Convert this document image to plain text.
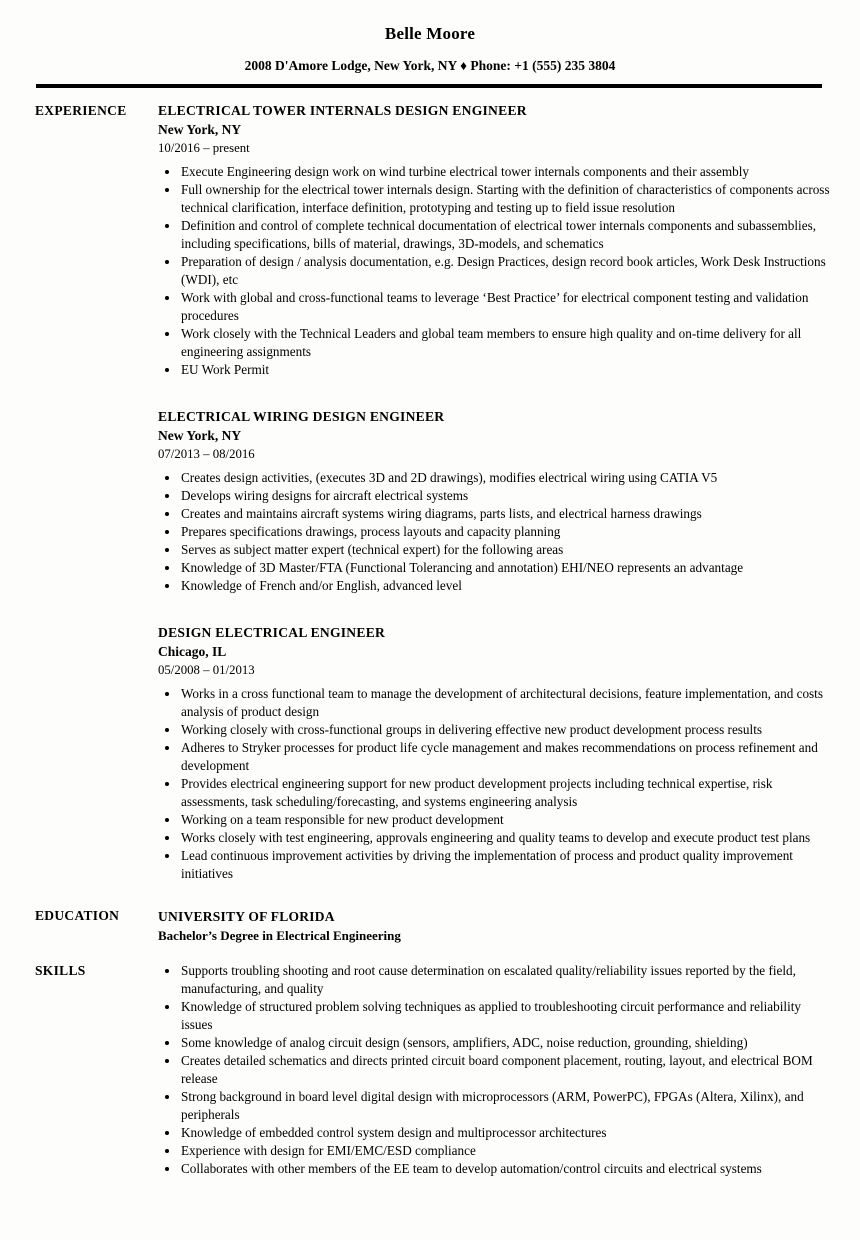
Belle Moore

2008 D'Amore Lodge, New York, NY ♦ Phone: +1 (555) 235 3804

EXPERIENCE	ELECTRICAL TOWER INTERNALS DESIGN ENGINEER
New York, NY
10/2016 – present
• Execute Engineering design work on wind turbine electrical tower internals components and their assembly
• Full ownership for the electrical tower internals design. Starting with the definition of characteristics of components across technical clarification, interface definition, prototyping and testing up to field issue resolution
• Definition and control of complete technical documentation of electrical tower internals components and subassemblies, including specifications, bills of material, drawings, 3D-models, and schematics
• Preparation of design / analysis documentation, e.g. Design Practices, design record book articles, Work Desk Instructions (WDI), etc
• Work with global and cross-functional teams to leverage ‘Best Practice’ for electrical component testing and validation procedures
• Work closely with the Technical Leaders and global team members to ensure high quality and on-time delivery for all engineering assignments
• EU Work Permit
ELECTRICAL WIRING DESIGN ENGINEER
New York, NY
07/2013 – 08/2016
• Creates design activities, (executes 3D and 2D drawings), modifies electrical wiring using CATIA V5
• Develops wiring designs for aircraft electrical systems
• Creates and maintains aircraft systems wiring diagrams, parts lists, and electrical harness drawings
• Prepares specifications drawings, process layouts and capacity planning
• Serves as subject matter expert (technical expert) for the following areas
• Knowledge of 3D Master/FTA (Functional Tolerancing and annotation) EHI/NEO represents an advantage
• Knowledge of French and/or English, advanced level
DESIGN ELECTRICAL ENGINEER
Chicago, IL
05/2008 – 01/2013
• Works in a cross functional team to manage the development of architectural decisions, feature implementation, and costs analysis of product design
• Working closely with cross-functional groups in delivering effective new product development process results
• Adheres to Stryker processes for product life cycle management and makes recommendations on process refinement and development
• Provides electrical engineering support for new product development projects including technical expertise, risk assessments, task scheduling/forecasting, and systems engineering analysis
• Working on a team responsible for new product development
• Works closely with test engineering, approvals engineering and quality teams to develop and execute product test plans
• Lead continuous improvement activities by driving the implementation of process and product quality improvement initiatives
EDUCATION	UNIVERSITY OF FLORIDA
Bachelor’s Degree in Electrical Engineering
SKILLS	• Supports troubling shooting and root cause determination on escalated quality/reliability issues reported by the field, manufacturing, and quality
• Knowledge of structured problem solving techniques as applied to troubleshooting circuit performance and reliability issues
• Some knowledge of analog circuit design (sensors, amplifiers, ADC, noise reduction, grounding, shielding)
• Creates detailed schematics and directs printed circuit board component placement, routing, layout, and electrical BOM release
• Strong background in board level digital design with microprocessors (ARM, PowerPC), FPGAs (Altera, Xilinx), and peripherals
• Knowledge of embedded control system design and multiprocessor architectures
• Experience with design for EMI/EMC/ESD compliance
• Collaborates with other members of the EE team to develop automation/control circuits and electrical systems
